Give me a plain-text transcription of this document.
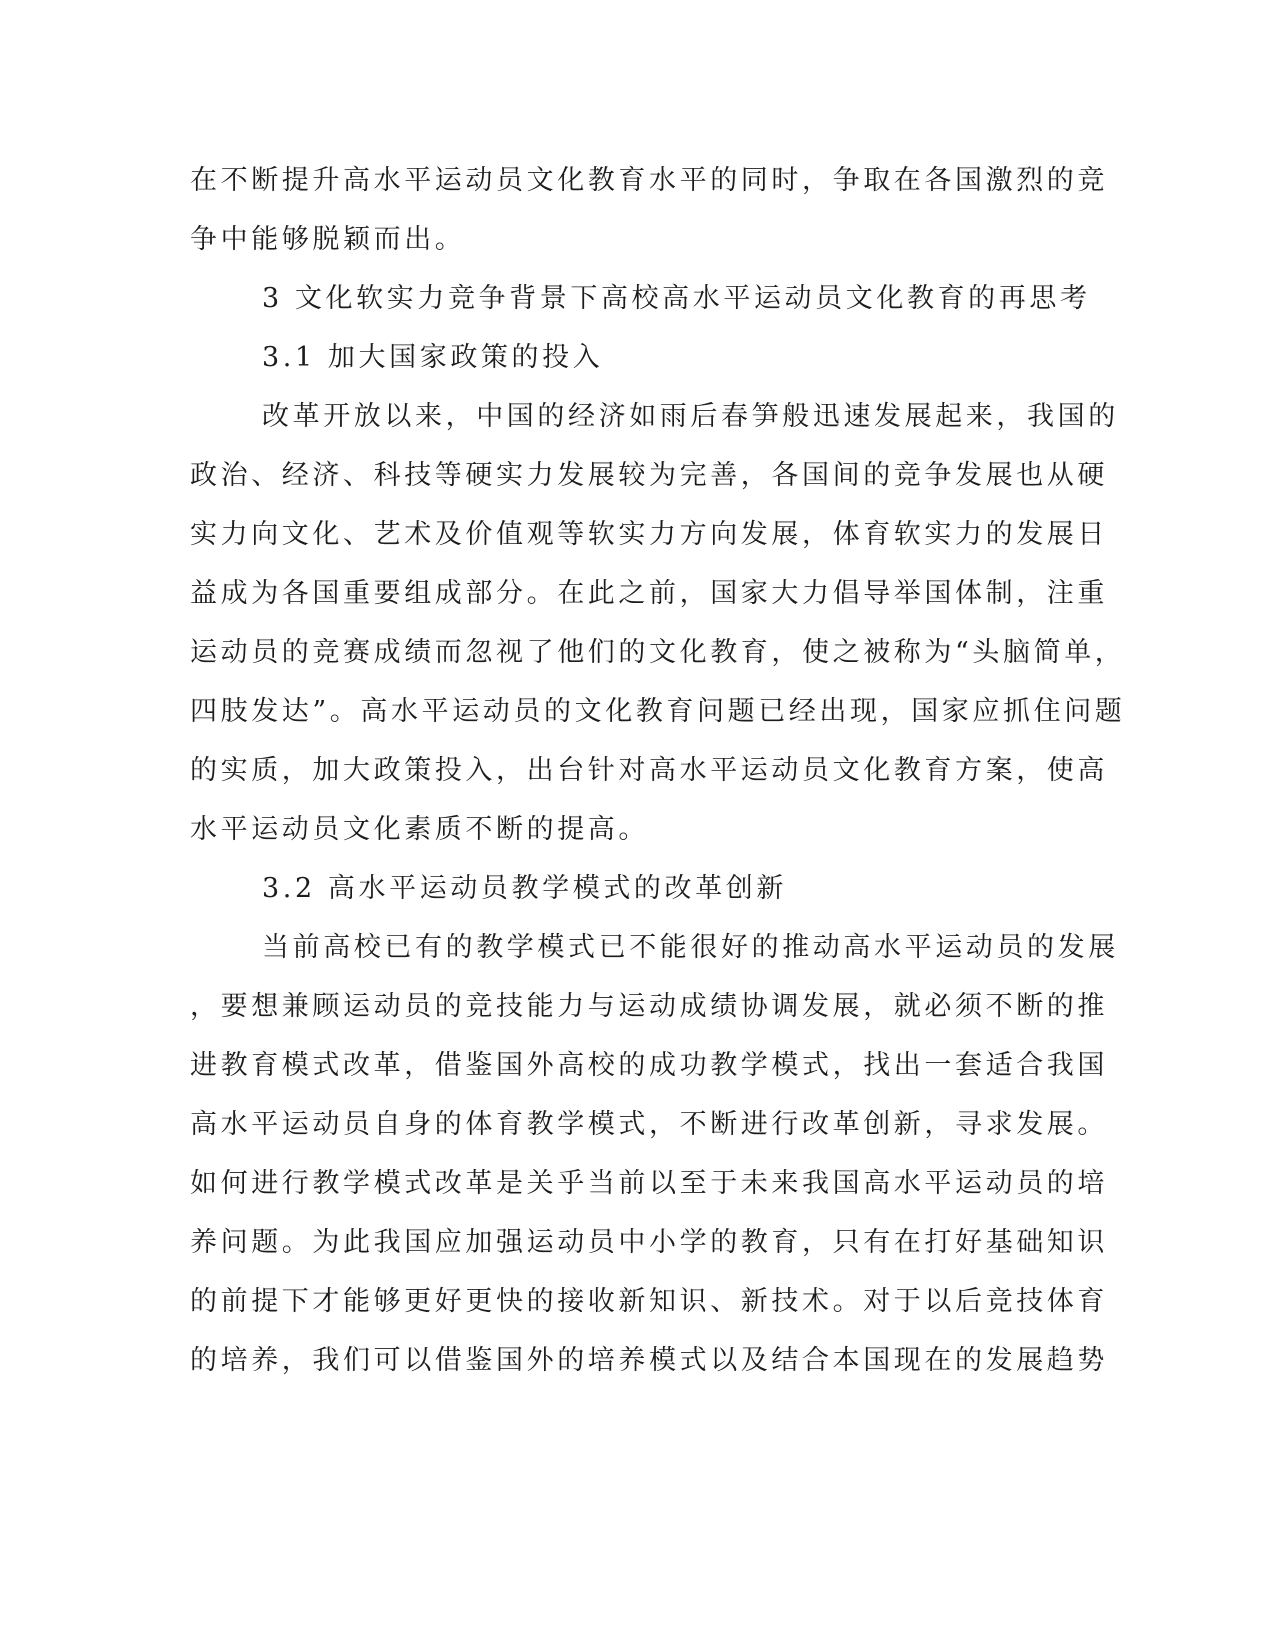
在不断提升高水平运动员文化教育水平的同时，争取在各国激烈的竞
争中能够脱颖而出。
3 文化软实力竞争背景下高校高水平运动员文化教育的再思考
3.1 加大国家政策的投入
改革开放以来，中国的经济如雨后春笋般迅速发展起来，我国的
政治、经济、科技等硬实力发展较为完善，各国间的竞争发展也从硬
实力向文化、艺术及价值观等软实力方向发展，体育软实力的发展日
益成为各国重要组成部分。在此之前，国家大力倡导举国体制，注重
运动员的竞赛成绩而忽视了他们的文化教育，使之被称为“头脑简单，
四肢发达”。高水平运动员的文化教育问题已经出现，国家应抓住问题
的实质，加大政策投入，出台针对高水平运动员文化教育方案，使高
水平运动员文化素质不断的提高。
3.2 高水平运动员教学模式的改革创新
当前高校已有的教学模式已不能很好的推动高水平运动员的发展
，要想兼顾运动员的竞技能力与运动成绩协调发展，就必须不断的推
进教育模式改革，借鉴国外高校的成功教学模式，找出一套适合我国
高水平运动员自身的体育教学模式，不断进行改革创新，寻求发展。
如何进行教学模式改革是关乎当前以至于未来我国高水平运动员的培
养问题。为此我国应加强运动员中小学的教育，只有在打好基础知识
的前提下才能够更好更快的接收新知识、新技术。对于以后竞技体育
的培养，我们可以借鉴国外的培养模式以及结合本国现在的发展趋势
